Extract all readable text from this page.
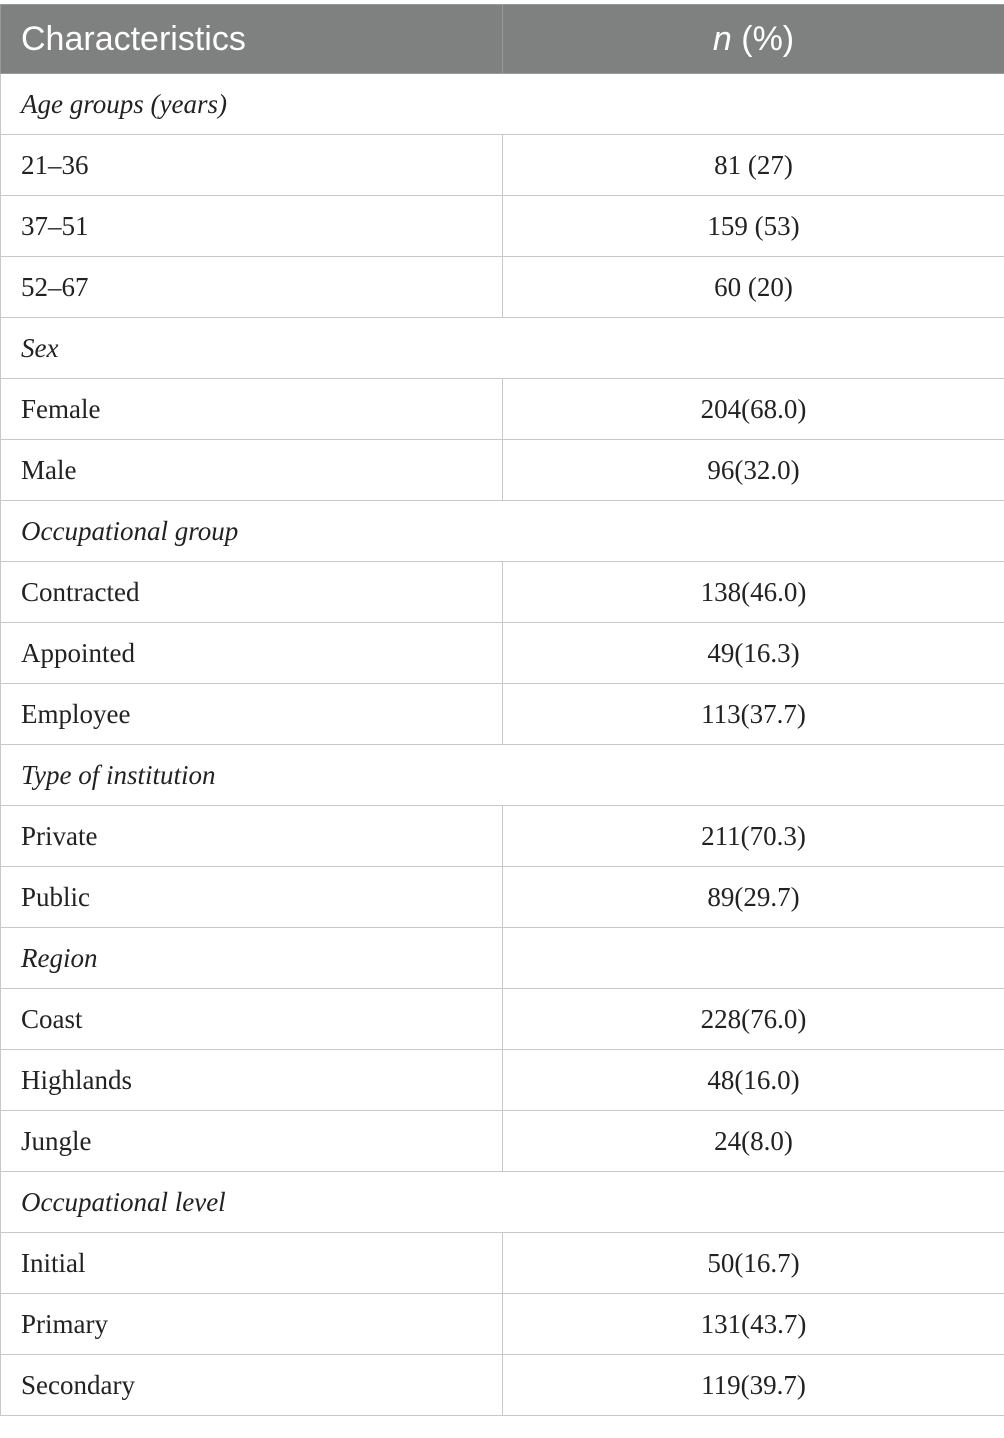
Characteristics	n (%)
Age groups (years)	
21–36	81 (27)
37–51	159 (53)
52–67	60 (20)
Sex	
Female	204(68.0)
Male	96(32.0)
Occupational group	
Contracted	138(46.0)
Appointed	49(16.3)
Employee	113(37.7)
Type of institution	
Private	211(70.3)
Public	89(29.7)
Region	
Coast	228(76.0)
Highlands	48(16.0)
Jungle	24(8.0)
Occupational level	
Initial	50(16.7)
Primary	131(43.7)
Secondary	119(39.7)
